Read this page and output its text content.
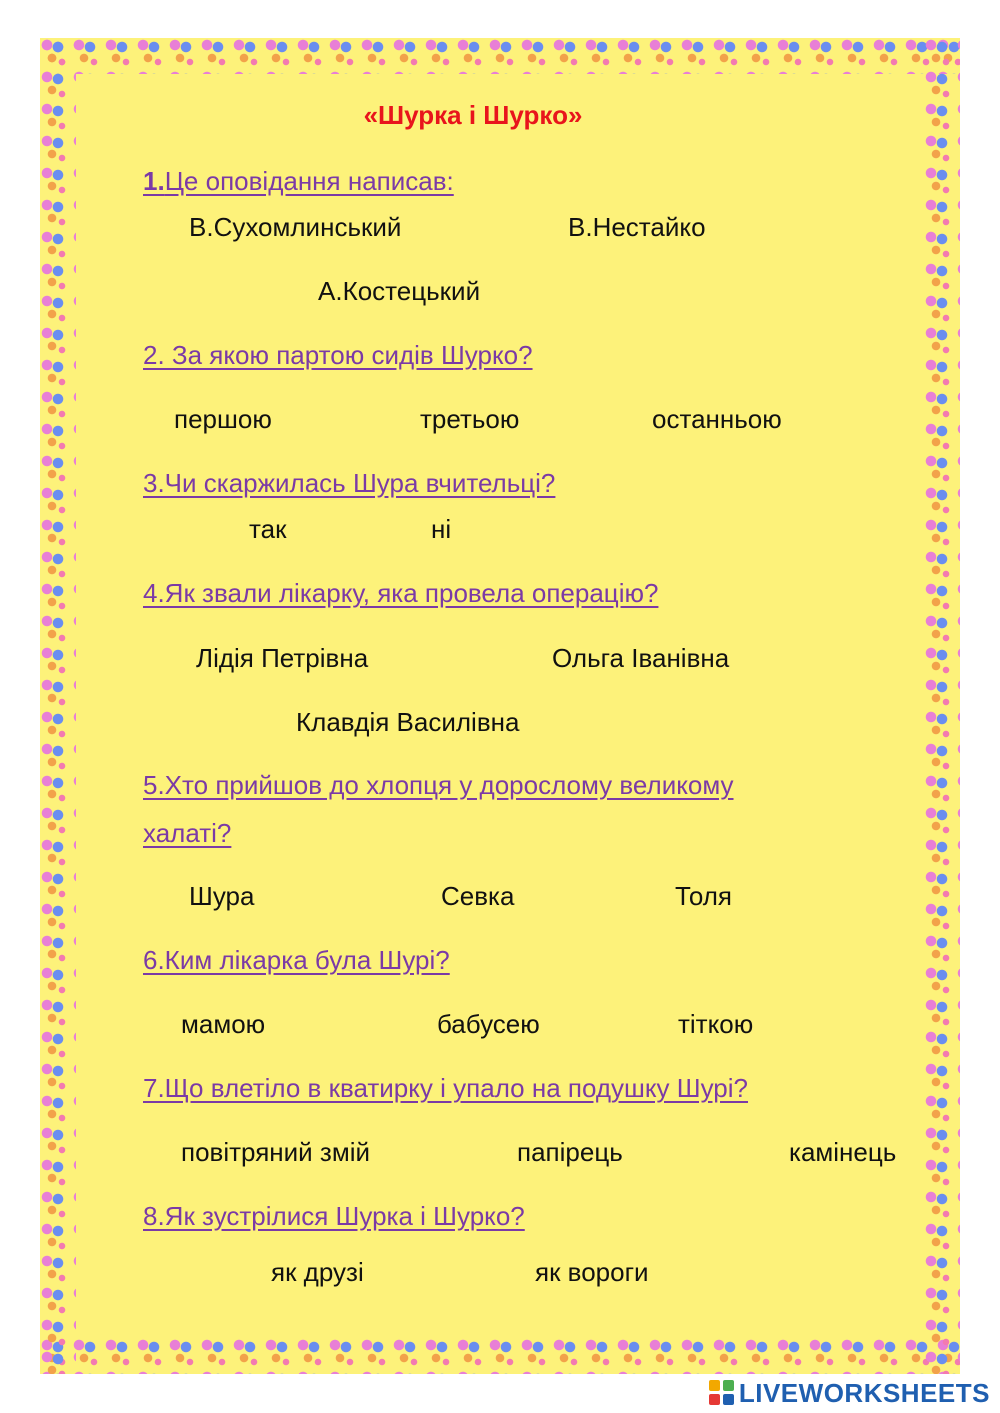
«Шурка і Шурко»
1.Це оповідання написав:
В.Сухомлинський	В.Нестайко
А.Костецький
2. За якою партою сидів Шурко?
першою	третьою	останньою
3.Чи скаржилась Шура вчительці?
так	ні
4.Як звали лікарку, яка провела операцію?
Лідія Петрівна	Ольга Іванівна
Клавдія Василівна
5.Хто прийшов до хлопця у дорослому великому
халаті?
Шура	Севка	Толя
6.Ким лікарка була Шурі?
мамою	бабусею	тіткою
7.Що влетіло в кватирку і упало на подушку Шурі?
повітряний змій	папірець	камінець
8.Як зустрілися Шурка і Шурко?
як друзі	як вороги
LIVEWORKSHEETS
